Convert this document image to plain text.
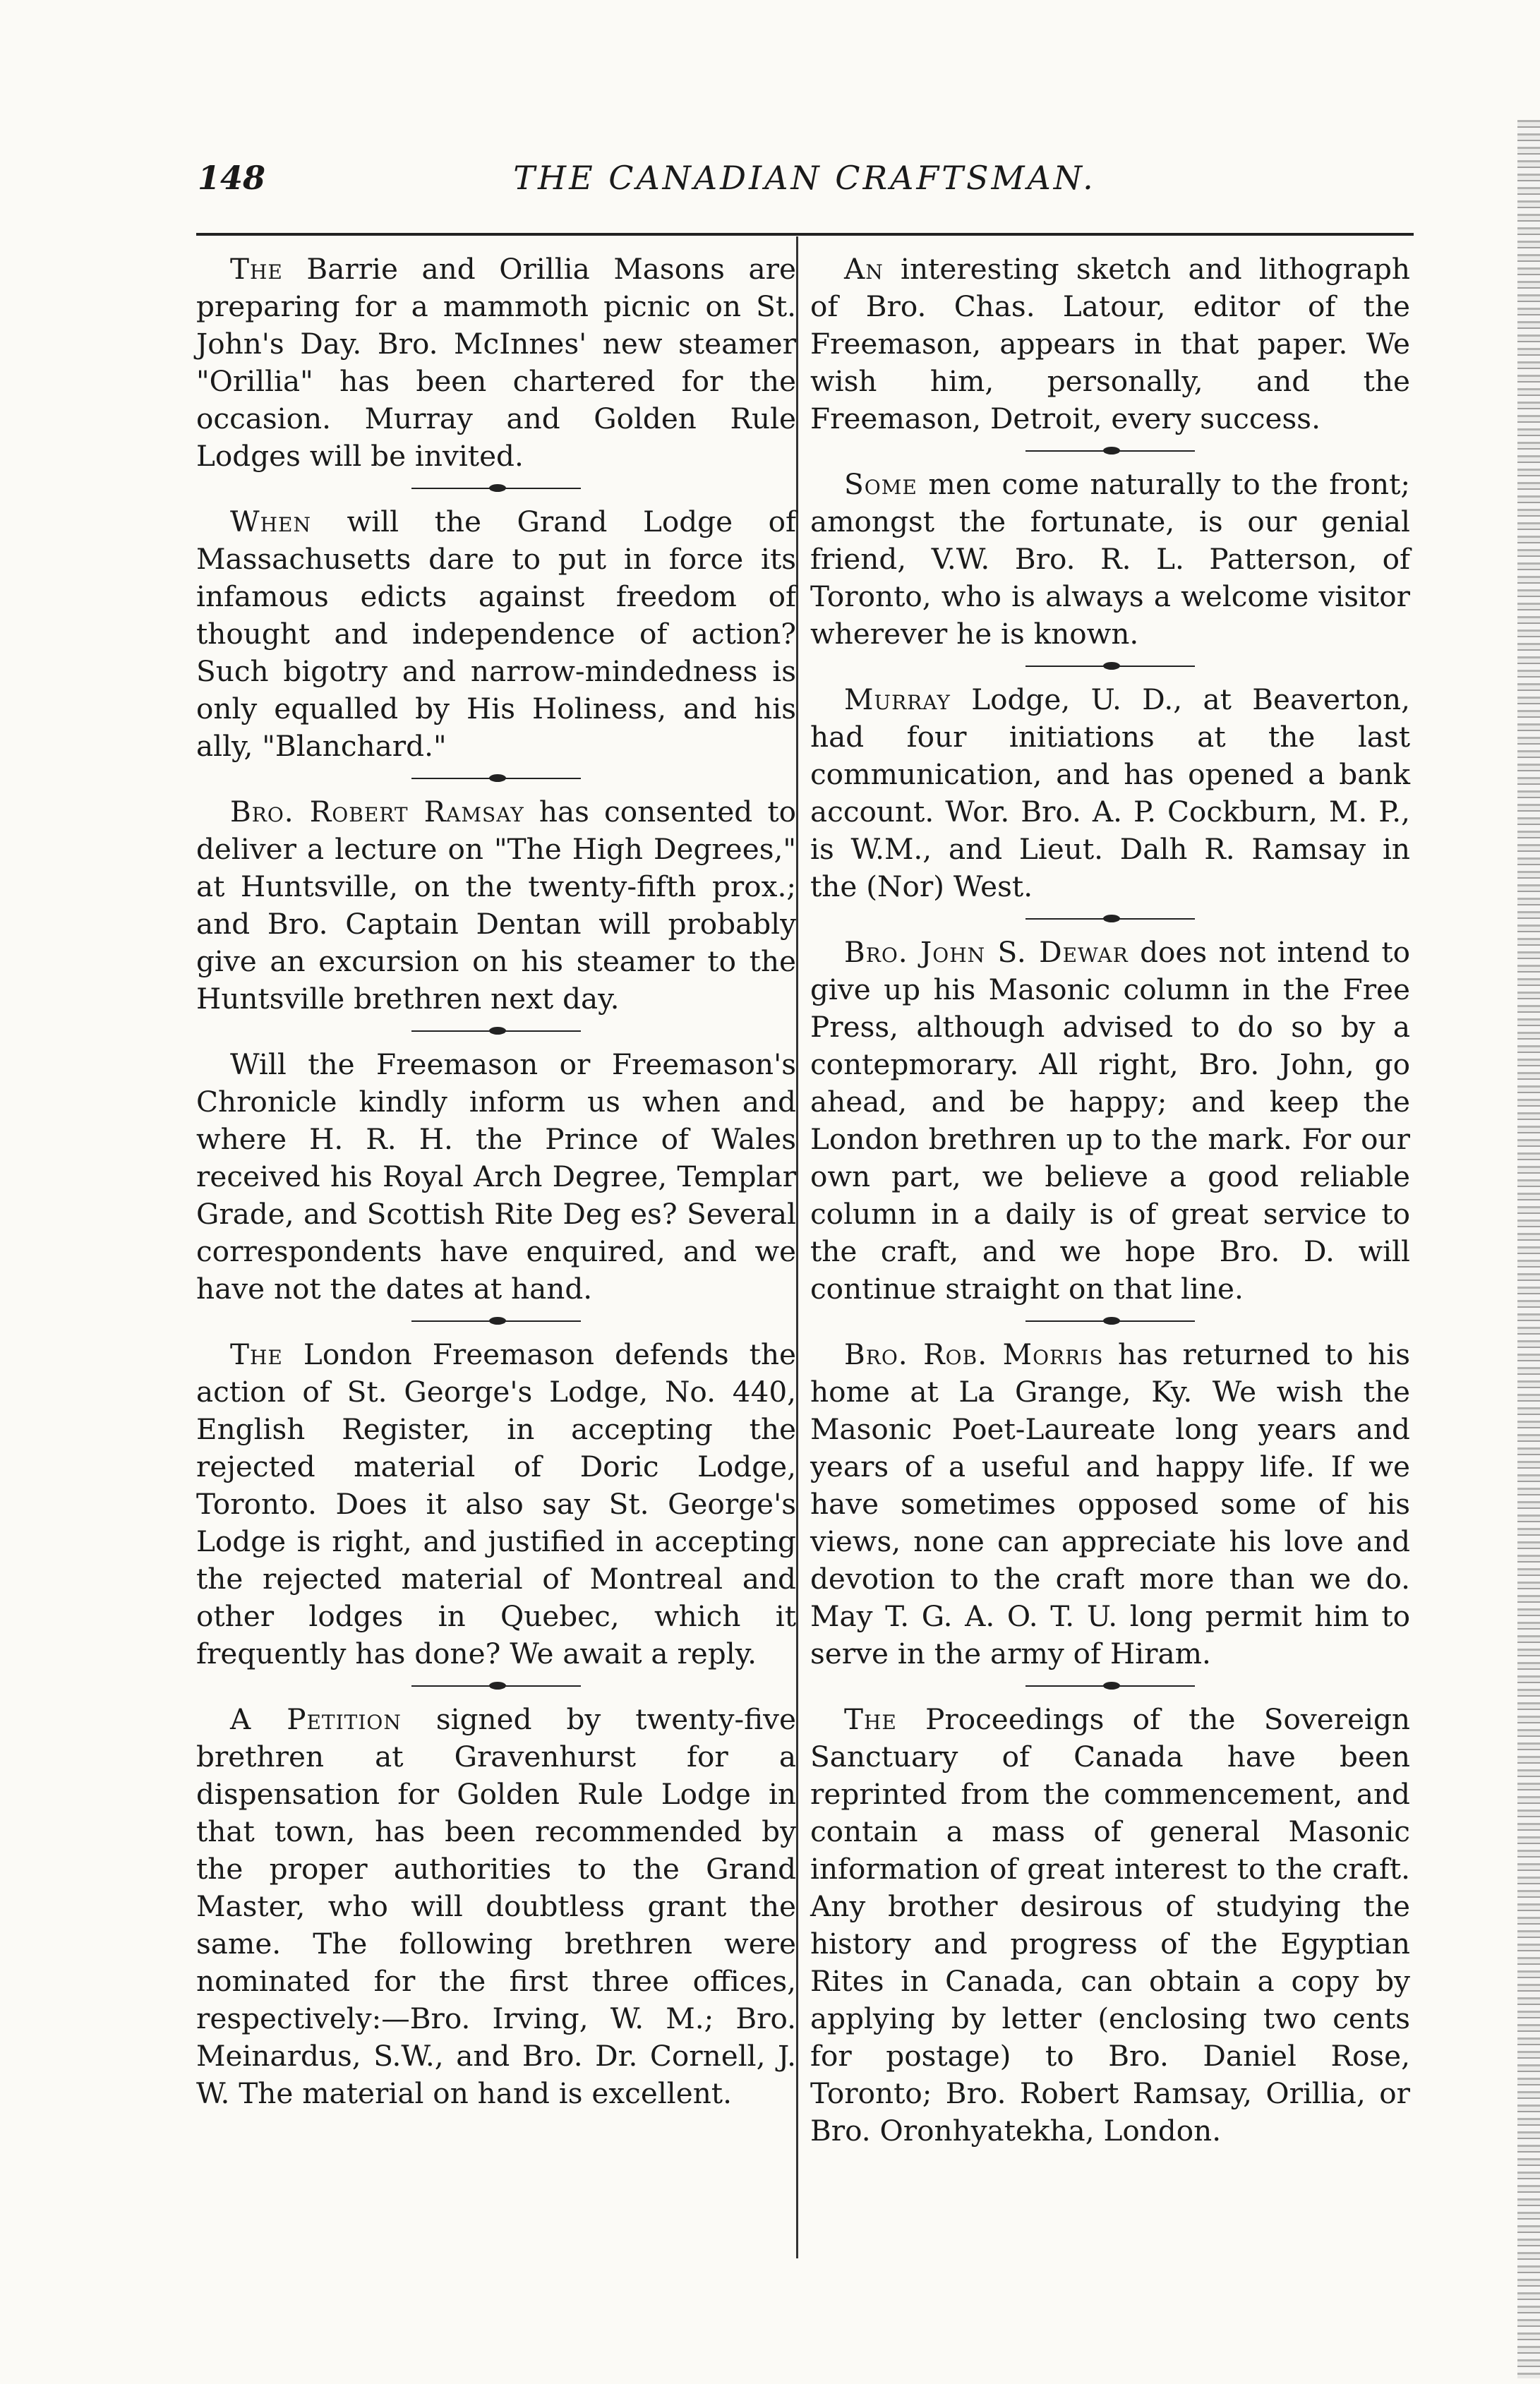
148	THE CANADIAN CRAFTSMAN.

The Barrie and Orillia Masons are preparing for a mammoth picnic on St. John's Day. Bro. McInnes' new steamer "Orillia" has been chartered for the occasion. Murray and Golden Rule Lodges will be invited.

When will the Grand Lodge of Massachusetts dare to put in force its infamous edicts against freedom of thought and independence of action? Such bigotry and narrow-mindedness is only equalled by His Holiness, and his ally, "Blanchard."

Bro. Robert Ramsay has consented to deliver a lecture on "The High Degrees," at Huntsville, on the twenty-fifth prox.; and Bro. Captain Dentan will probably give an excursion on his steamer to the Huntsville brethren next day.

Will the Freemason or Freemason's Chronicle kindly inform us when and where H. R. H. the Prince of Wales received his Royal Arch Degree, Templar Grade, and Scottish Rite Deg es? Several correspondents have enquired, and we have not the dates at hand.

The London Freemason defends the action of St. George's Lodge, No. 440, English Register, in accepting the rejected material of Doric Lodge, Toronto. Does it also say St. George's Lodge is right, and justified in accepting the rejected material of Montreal and other lodges in Quebec, which it frequently has done? We await a reply.

A Petition signed by twenty-five brethren at Gravenhurst for a dispensation for Golden Rule Lodge in that town, has been recommended by the proper authorities to the Grand Master, who will doubtless grant the same. The following brethren were nominated for the first three offices, respectively:—Bro. Irving, W. M.; Bro. Meinardus, S.W., and Bro. Dr. Cornell, J. W. The material on hand is excellent.

An interesting sketch and lithograph of Bro. Chas. Latour, editor of the Freemason, appears in that paper. We wish him, personally, and the Freemason, Detroit, every success.

Some men come naturally to the front; amongst the fortunate, is our genial friend, V.W. Bro. R. L. Patterson, of Toronto, who is always a welcome visitor wherever he is known.

Murray Lodge, U. D., at Beaverton, had four initiations at the last communication, and has opened a bank account. Wor. Bro. A. P. Cockburn, M. P., is W.M., and Lieut. Dalh R. Ramsay in the (Nor) West.

Bro. John S. Dewar does not intend to give up his Masonic column in the Free Press, although advised to do so by a contepmorary. All right, Bro. John, go ahead, and be happy; and keep the London brethren up to the mark. For our own part, we believe a good reliable column in a daily is of great service to the craft, and we hope Bro. D. will continue straight on that line.

Bro. Rob. Morris has returned to his home at La Grange, Ky. We wish the Masonic Poet-Laureate long years and years of a useful and happy life. If we have sometimes opposed some of his views, none can appreciate his love and devotion to the craft more than we do. May T. G. A. O. T. U. long permit him to serve in the army of Hiram.

The Proceedings of the Sovereign Sanctuary of Canada have been reprinted from the commencement, and contain a mass of general Masonic information of great interest to the craft. Any brother desirous of studying the history and progress of the Egyptian Rites in Canada, can obtain a copy by applying by letter (enclosing two cents for postage) to Bro. Daniel Rose, Toronto; Bro. Robert Ramsay, Orillia, or Bro. Oronhyatekha, London.
